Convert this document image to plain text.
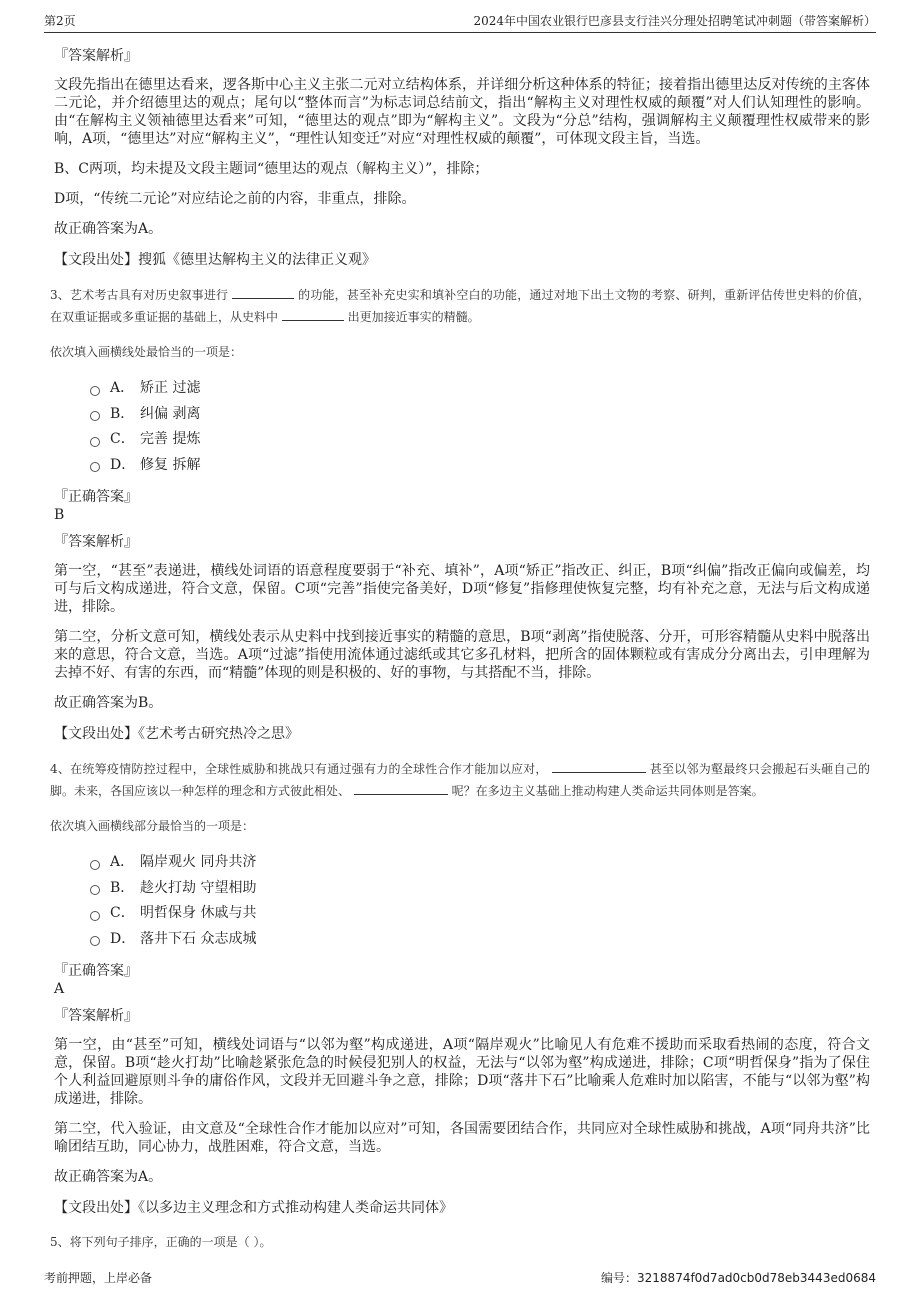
第2页	2024年中国农业银行巴彦县支行洼兴分理处招聘笔试冲刺题（带答案解析）
『答案解析』

文段先指出在德里达看来，逻各斯中心主义主张二元对立结构体系，并详细分析这种体系的特征；接着指出德里达反对传统的主客体二元论，并介绍德里达的观点；尾句以“整体而言”为标志词总结前文，指出“解构主义对理性权威的颠覆”对人们认知理性的影响。由“在解构主义领袖德里达看来”可知，“德里达的观点”即为“解构主义”。文段为“分总”结构，强调解构主义颠覆理性权威带来的影响，A项，“德里达”对应“解构主义”，“理性认知变迁”对应“对理性权威的颠覆”，可体现文段主旨，当选。

B、C两项，均未提及文段主题词“德里达的观点（解构主义）”，排除；

D项，“传统二元论”对应结论之前的内容，非重点，排除。

故正确答案为A。

【文段出处】搜狐《德里达解构主义的法律正义观》
3、艺术考古具有对历史叙事进行	的功能，甚至补充史实和填补空白的功能，通过对地下出土文物的考察、研判，重新评估传世史料的价值，在双重证据或多重证据的基础上，从史料中	出更加接近事实的精髓。
依次填入画横线处最恰当的一项是：
A． 矫正 过滤
B． 纠偏 剥离
C． 完善 提炼
D． 修复 拆解
『正确答案』
B
『答案解析』

第一空，“甚至”表递进，横线处词语的语意程度要弱于“补充、填补”，A项“矫正”指改正、纠正，B项“纠偏”指改正偏向或偏差，均可与后文构成递进，符合文意，保留。C项“完善”指使完备美好，D项“修复”指修理使恢复完整，均有补充之意，无法与后文构成递进，排除。

第二空，分析文意可知，横线处表示从史料中找到接近事实的精髓的意思，B项“剥离”指使脱落、分开，可形容精髓从史料中脱落出来的意思，符合文意，当选。A项“过滤”指使用流体通过滤纸或其它多孔材料，把所含的固体颗粒或有害成分分离出去，引申理解为去掉不好、有害的东西，而“精髓”体现的则是积极的、好的事物，与其搭配不当，排除。

故正确答案为B。

【文段出处】《艺术考古研究热冷之思》
4、在统筹疫情防控过程中，全球性威胁和挑战只有通过强有力的全球性合作才能加以应对，	甚至以邻为壑最终只会搬起石头砸自己的脚。未来，各国应该以一种怎样的理念和方式彼此相处、	呢？在多边主义基础上推动构建人类命运共同体则是答案。
依次填入画横线部分最恰当的一项是：
A． 隔岸观火 同舟共济
B． 趁火打劫 守望相助
C． 明哲保身 休戚与共
D． 落井下石 众志成城
『正确答案』
A
『答案解析』

第一空，由“甚至”可知，横线处词语与“以邻为壑”构成递进，A项“隔岸观火”比喻见人有危难不援助而采取看热闹的态度，符合文意，保留。B项“趁火打劫”比喻趁紧张危急的时候侵犯别人的权益，无法与“以邻为壑”构成递进，排除；C项“明哲保身”指为了保住个人利益回避原则斗争的庸俗作风，文段并无回避斗争之意，排除；D项“落井下石”比喻乘人危难时加以陷害，不能与“以邻为壑”构成递进，排除。

第二空，代入验证，由文意及“全球性合作才能加以应对”可知，各国需要团结合作，共同应对全球性威胁和挑战，A项“同舟共济”比喻团结互助，同心协力，战胜困难，符合文意，当选。

故正确答案为A。

【文段出处】《以多边主义理念和方式推动构建人类命运共同体》
5、将下列句子排序，正确的一项是（ ）。
考前押题，上岸必备	编号：3218874f0d7ad0cb0d78eb3443ed0684
